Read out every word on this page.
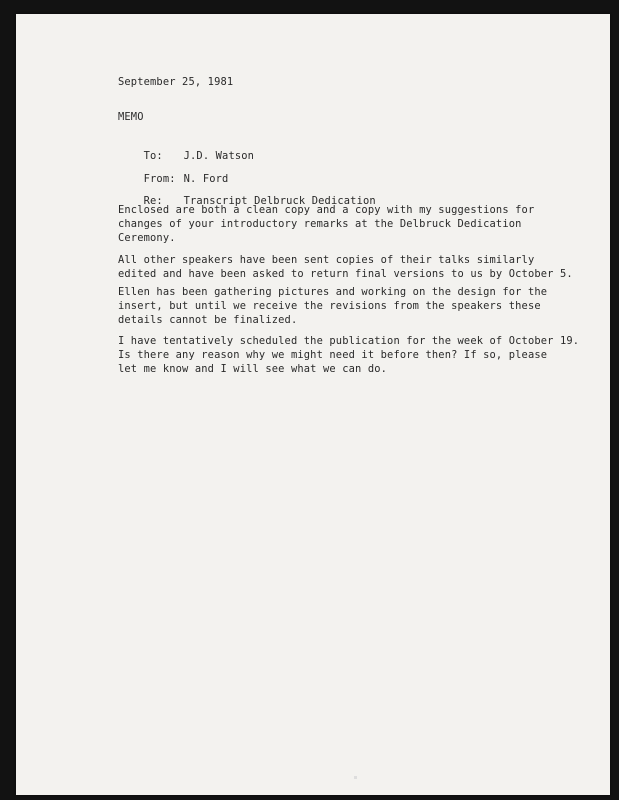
September 25, 1981
MEMO

To: J.D. Watson

From: N. Ford

Re: Transcript Delbruck Dedication

Enclosed are both a clean copy and a copy with my suggestions for
changes of your introductory remarks at the Delbruck Dedication
Ceremony.
All other speakers have been sent copies of their talks similarly
edited and have been asked to return final versions to us by October 5.
Ellen has been gathering pictures and working on the design for the
insert, but until we receive the revisions from the speakers these
details cannot be finalized.
I have tentatively scheduled the publication for the week of October 19.
Is there any reason why we might need it before then? If so, please
let me know and I will see what we can do.
